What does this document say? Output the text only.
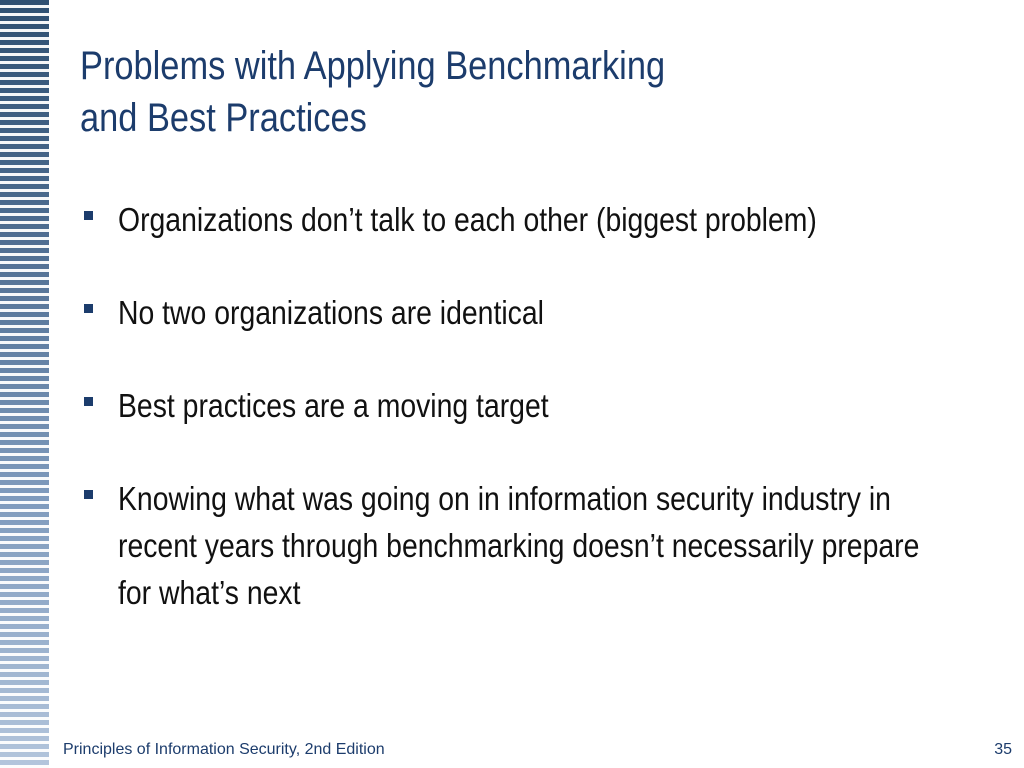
Problems with Applying Benchmarking
and Best Practices
Organizations don’t talk to each other (biggest problem)
No two organizations are identical
Best practices are a moving target
Knowing what was going on in information security industry in recent years through benchmarking doesn’t necessarily prepare for what’s next
Principles of Information Security, 2nd Edition	35
